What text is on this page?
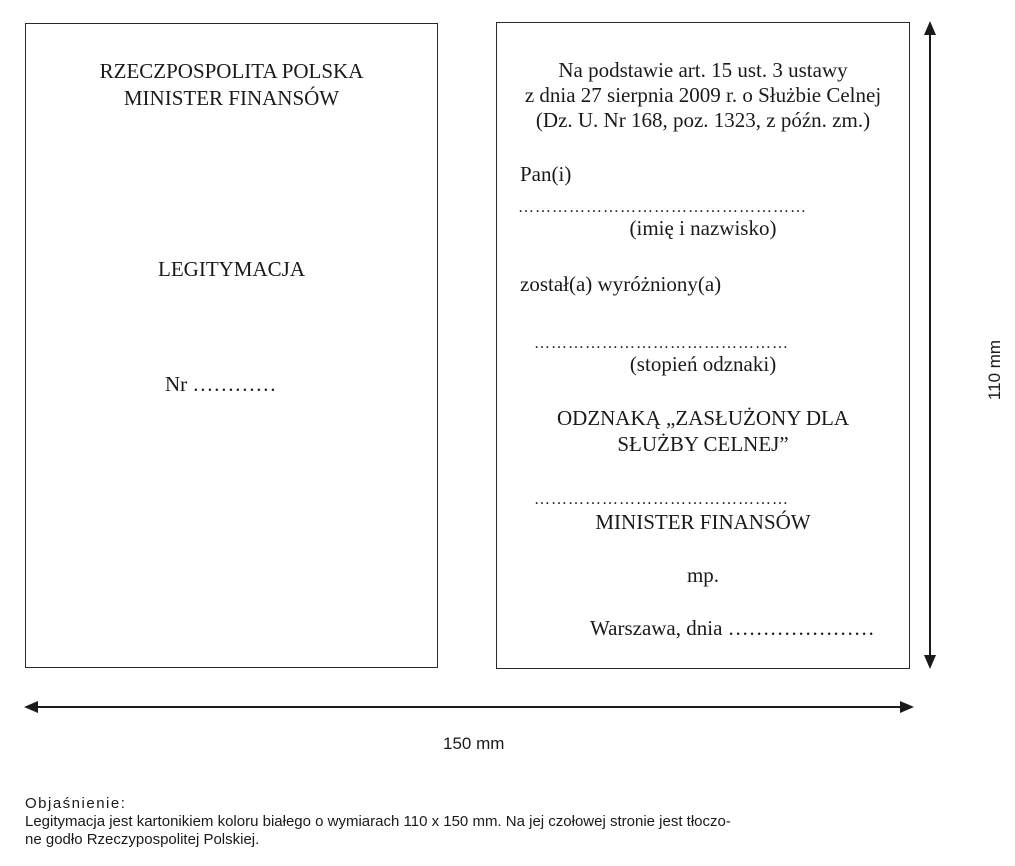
RZECZPOSPOLITA POLSKA
MINISTER FINANSÓW
LEGITYMACJA
Nr …………
Na podstawie art. 15 ust. 3 ustawy
z dnia 27 sierpnia 2009 r. o Służbie Celnej
(Dz. U. Nr 168, poz. 1323, z późn. zm.)
Pan(i)
……………………………………………
(imię i nazwisko)
został(a) wyróżniony(a)
………………………………………
(stopień odznaki)
ODZNAKĄ „ZASŁUŻONY DLA
SŁUŻBY CELNEJ”
………………………………………
MINISTER FINANSÓW
mp.
Warszawa, dnia …………………
150 mm
110 mm
Objaśnienie:
Legitymacja jest kartonikiem koloru białego o wymiarach 110 x 150 mm. Na jej czołowej stronie jest tłoczo-
ne godło Rzeczypospolitej Polskiej.
